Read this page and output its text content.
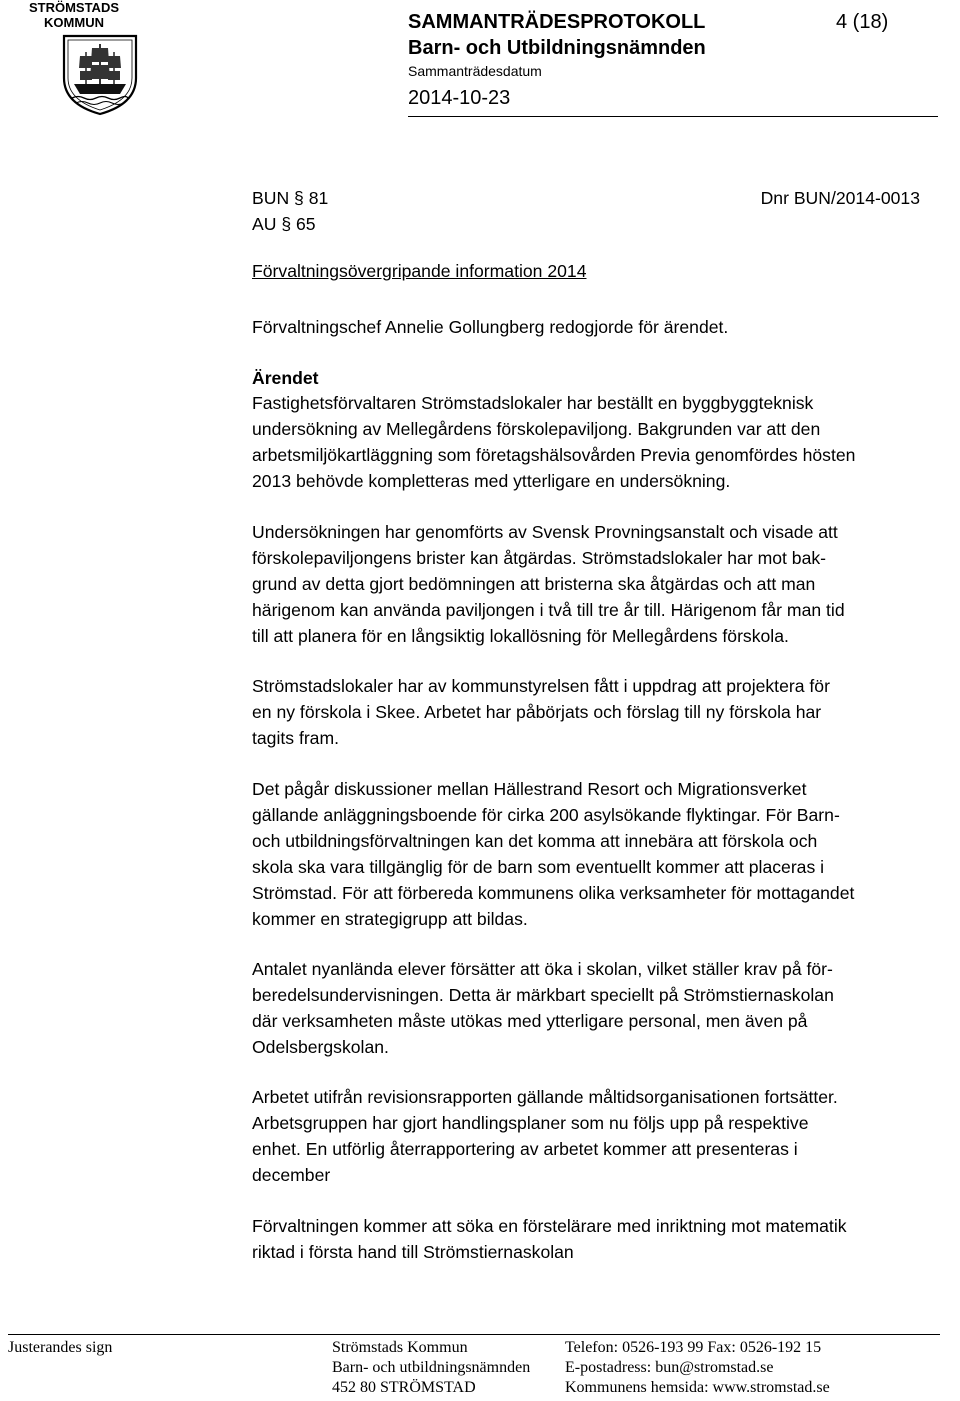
STRÖMSTADS
KOMMUN	SAMMANTRÄDESPROTOKOLL
Barn- och Utbildningsnämnden
Sammanträdesdatum
2014-10-23
4 (18)
BUN § 81
AU § 65
Dnr BUN/2014-0013
Förvaltningsövergripande information 2014
Förvaltningschef Annelie Gollungberg redogjorde för ärendet.
Ärendet

Fastighetsförvaltaren Strömstadslokaler har beställt en byggbyggteknisk
undersökning av Mellegårdens förskolepaviljong. Bakgrunden var att den
arbetsmiljökartläggning som företagshälsovården Previa genomfördes hösten
2013 behövde kompletteras med ytterligare en undersökning.

Undersökningen har genomförts av Svensk Provningsanstalt och visade att
förskolepaviljongens brister kan åtgärdas. Strömstadslokaler har mot bak-
grund av detta gjort bedömningen att bristerna ska åtgärdas och att man
härigenom kan använda paviljongen i två till tre år till. Härigenom får man tid
till att planera för en långsiktig lokallösning för Mellegårdens förskola.

Strömstadslokaler har av kommunstyrelsen fått i uppdrag att projektera för
en ny förskola i Skee. Arbetet har påbörjats och förslag till ny förskola har
tagits fram.

Det pågår diskussioner mellan Hällestrand Resort och Migrationsverket
gällande anläggningsboende för cirka 200 asylsökande flyktingar. För Barn-
och utbildningsförvaltningen kan det komma att innebära att förskola och
skola ska vara tillgänglig för de barn som eventuellt kommer att placeras i
Strömstad. För att förbereda kommunens olika verksamheter för mottagandet
kommer en strategigrupp att bildas.

Antalet nyanlända elever försätter att öka i skolan, vilket ställer krav på för-
beredelsundervisningen. Detta är märkbart speciellt på Strömstiernaskolan
där verksamheten måste utökas med ytterligare personal, men även på
Odelsbergskolan.

Arbetet utifrån revisionsrapporten gällande måltidsorganisationen fortsätter.
Arbetsgruppen har gjort handlingsplaner som nu följs upp på respektive
enhet. En utförlig återrapportering av arbetet kommer att presenteras i
december

Förvaltningen kommer att söka en förstelärare med inriktning mot matematik
riktad i första hand till Strömstiernaskolan

Justerandes sign	Strömstads Kommun
Barn- och utbildningsnämnden
452 80 STRÖMSTAD
Telefon: 0526-193 99 Fax: 0526-192 15
E-postadress: bun@stromstad.se
Kommunens hemsida: www.stromstad.se
